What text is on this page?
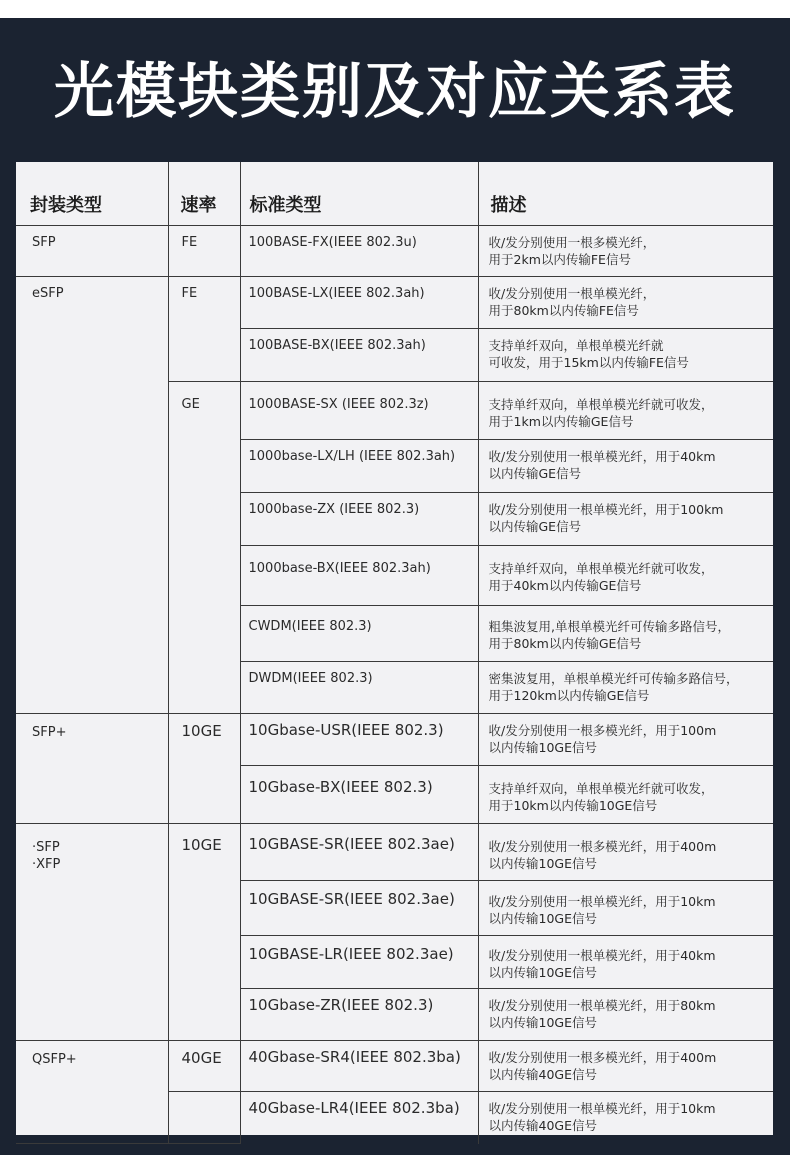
光模块类别及对应关系表
封装类型	速率	标准类型	描述
SFP	FE	100BASE-FX(IEEE 802.3u)	收/发分别使用一根多模光纤，
用于2km以内传输FE信号

eSFP	FE	100BASE-LX(IEEE 802.3ah)	收/发分别使用一根单模光纤，
用于80km以内传输FE信号

		100BASE-BX(IEEE 802.3ah)	支持单纤双向，单根单模光纤就
可收发，用于15km以内传输FE信号

	GE	1000BASE-SX (IEEE 802.3z)	支持单纤双向，单根单模光纤就可收发，
用于1km以内传输GE信号

		1000base-LX/LH (IEEE 802.3ah)	收/发分别使用一根单模光纤，用于40km
以内传输GE信号

		1000base-ZX (IEEE 802.3)	收/发分别使用一根单模光纤，用于100km
以内传输GE信号

		1000base-BX(IEEE 802.3ah)	支持单纤双向，单根单模光纤就可收发，
用于40km以内传输GE信号

		CWDM(IEEE 802.3)	粗集波复用,单根单模光纤可传输多路信号，
用于80km以内传输GE信号

		DWDM(IEEE 802.3)	密集波复用，单根单模光纤可传输多路信号，
用于120km以内传输GE信号

SFP+	10GE	10Gbase-USR(IEEE 802.3)	收/发分别使用一根多模光纤，用于100m
以内传输10GE信号

		10Gbase-BX(IEEE 802.3)	支持单纤双向，单根单模光纤就可收发，
用于10km以内传输10GE信号

·SFP
·XFP	10GE	10GBASE-SR(IEEE 802.3ae)	收/发分别使用一根多模光纤，用于400m
以内传输10GE信号

		10GBASE-SR(IEEE 802.3ae)	收/发分别使用一根单模光纤，用于10km
以内传输10GE信号

		10GBASE-LR(IEEE 802.3ae)	收/发分别使用一根单模光纤，用于40km
以内传输10GE信号

		10Gbase-ZR(IEEE 802.3)	收/发分别使用一根单模光纤，用于80km
以内传输10GE信号

QSFP+	40GE	40Gbase-SR4(IEEE 802.3ba)	收/发分别使用一根多模光纤，用于400m
以内传输40GE信号

		40Gbase-LR4(IEEE 802.3ba)	收/发分别使用一根单模光纤，用于10km
以内传输40GE信号
